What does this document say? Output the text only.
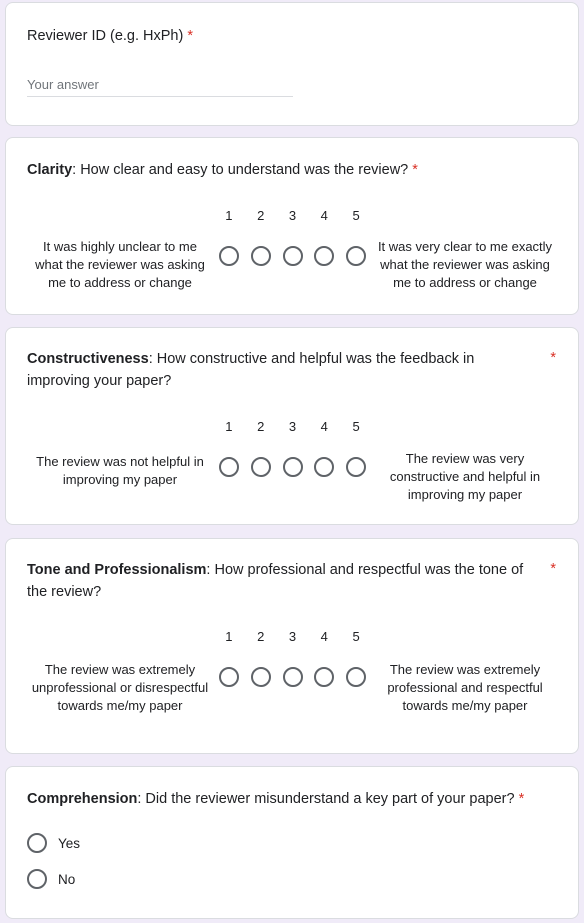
Reviewer ID (e.g. HxPh) *
Your answer
Clarity: How clear and easy to understand was the review? *
1	2	3	4	5
It was highly unclear to me what the reviewer was asking me to address or change
It was very clear to me exactly what the reviewer was asking me to address or change
Constructiveness: How constructive and helpful was the feedback in improving your paper?
*
1	2	3	4	5
The review was not helpful in improving my paper
The review was very constructive and helpful in improving my paper
Tone and Professionalism: How professional and respectful was the tone of the review?
*
1	2	3	4	5
The review was extremely unprofessional or disrespectful towards me/my paper
The review was extremely professional and respectful towards me/my paper
Comprehension: Did the reviewer misunderstand a key part of your paper? *
Yes
No
